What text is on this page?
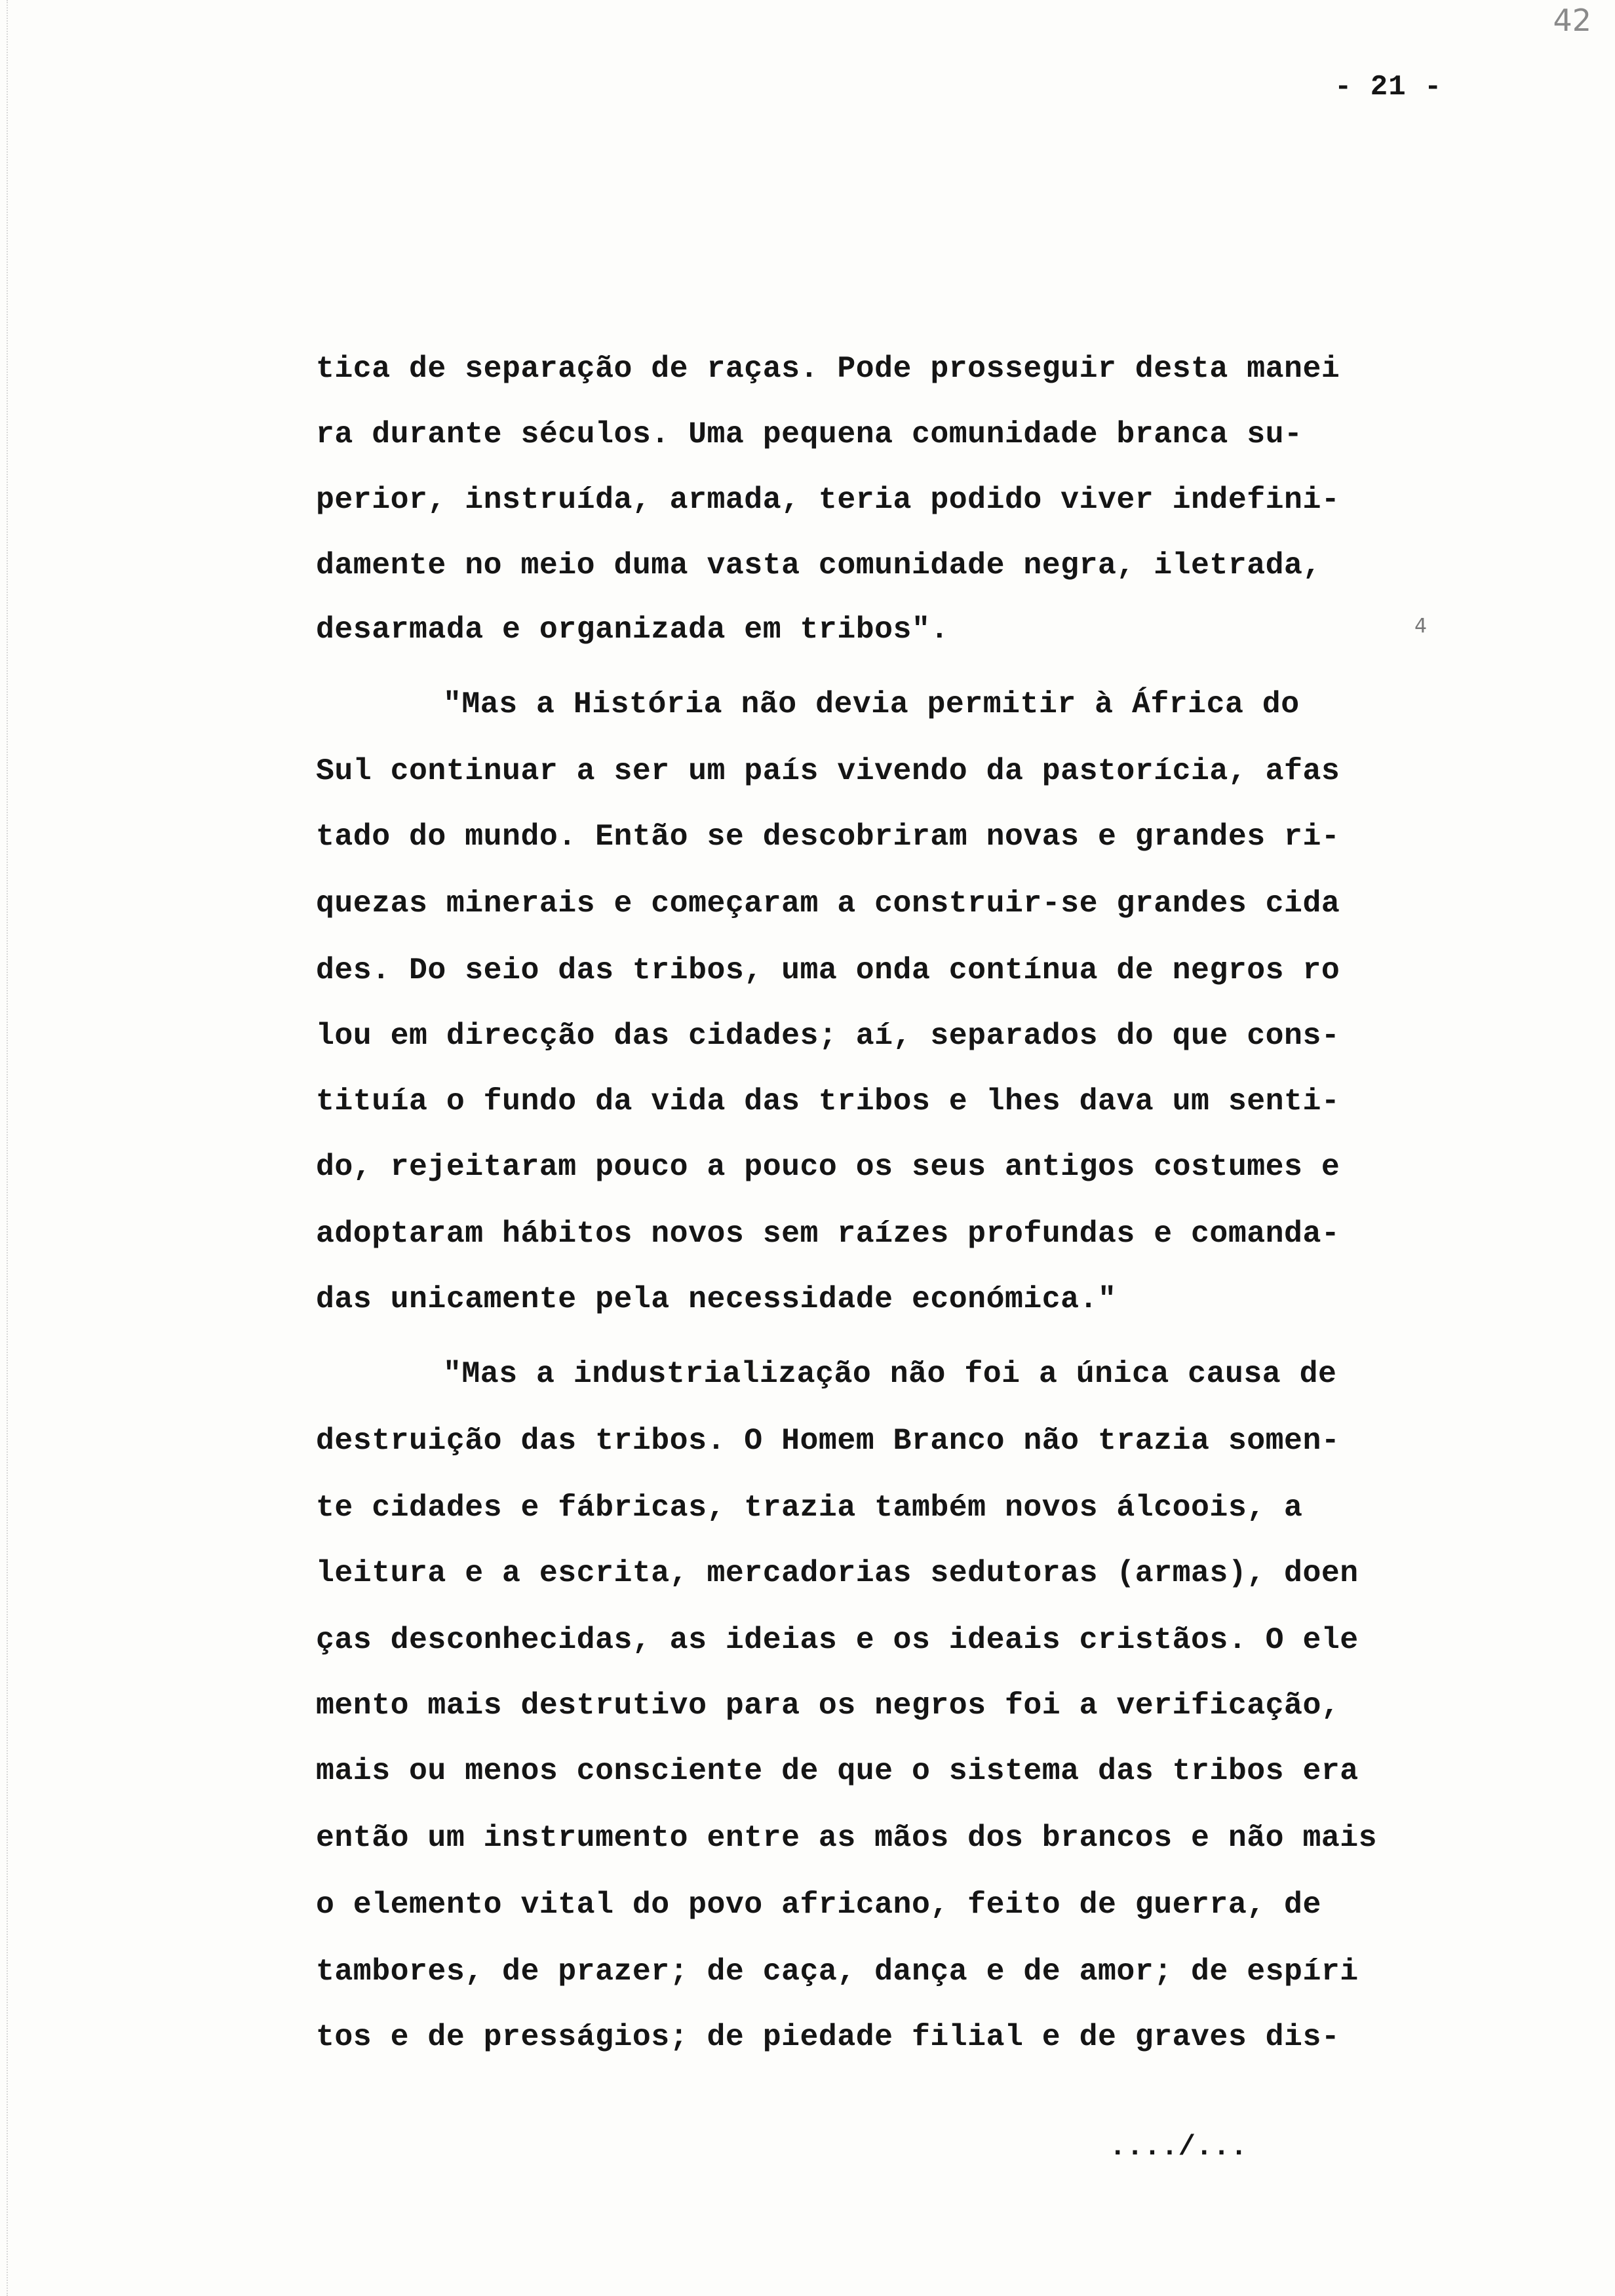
42
- 21 -
4
tica de separação de raças. Pode prosseguir desta manei
ra durante séculos. Uma pequena comunidade branca su-
perior, instruída, armada, teria podido viver indefini-
damente no meio duma vasta comunidade negra, iletrada,
desarmada e organizada em tribos".
"Mas a História não devia permitir à África do
Sul continuar a ser um país vivendo da pastorícia, afas
tado do mundo. Então se descobriram novas e grandes ri-
quezas minerais e começaram a construir-se grandes cida
des. Do seio das tribos, uma onda contínua de negros ro
lou em direcção das cidades; aí, separados do que cons-
tituía o fundo da vida das tribos e lhes dava um senti-
do, rejeitaram pouco a pouco os seus antigos costumes e
adoptaram hábitos novos sem raízes profundas e comanda-
das unicamente pela necessidade económica."
"Mas a industrialização não foi a única causa de
destruição das tribos. O Homem Branco não trazia somen-
te cidades e fábricas, trazia também novos álcoois, a
leitura e a escrita, mercadorias sedutoras (armas), doen
ças desconhecidas, as ideias e os ideais cristãos. O ele
mento mais destrutivo para os negros foi a verificação,
mais ou menos consciente de que o sistema das tribos era
então um instrumento entre as mãos dos brancos e não mais
o elemento vital do povo africano, feito de guerra, de
tambores, de prazer; de caça, dança e de amor; de espíri
tos e de presságios; de piedade filial e de graves dis-
..../...
